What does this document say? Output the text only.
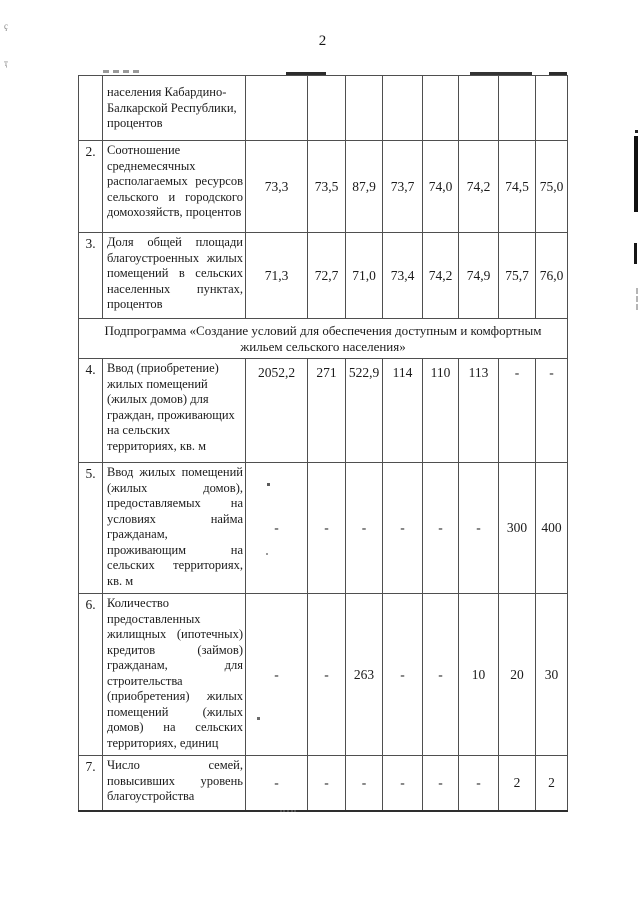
2
	населения Кабардино-Балкарской Республики, процентов								
2.	Соотношение среднемесячных располагаемых ресурсов сельского и городского домохозяйств, процентов	73,3	73,5	87,9	73,7	74,0	74,2	74,5	75,0
3.	Доля общей площади благоустроенных жилых помещений в сельских населенных пунктах, процентов	71,3	72,7	71,0	73,4	74,2	74,9	75,7	76,0
Подпрограмма «Создание условий для обеспечения доступным и комфортным жильем сельского населения»									
4.	Ввод (приобретение) жилых помещений (жилых домов) для граждан, проживающих на сельских территориях, кв. м	2052,2	271	522,9	114	110	113	-	-
5.	Ввод жилых помещений (жилых домов), предоставляемых на условиях найма гражданам, проживающим на сельских территориях, кв. м	-	-	-	-	-	-	300	400
6.	Количество предоставленных жилищных (ипотечных) кредитов (займов) гражданам, для строительства (приобретения) жилых помещений (жилых домов) на сельских территориях, единиц	-	-	263	-	-	10	20	30
7.	Число семей, повысивших уровень благоустройства	-	-	-	-	-	-	2	2
ҫ
ҭ
